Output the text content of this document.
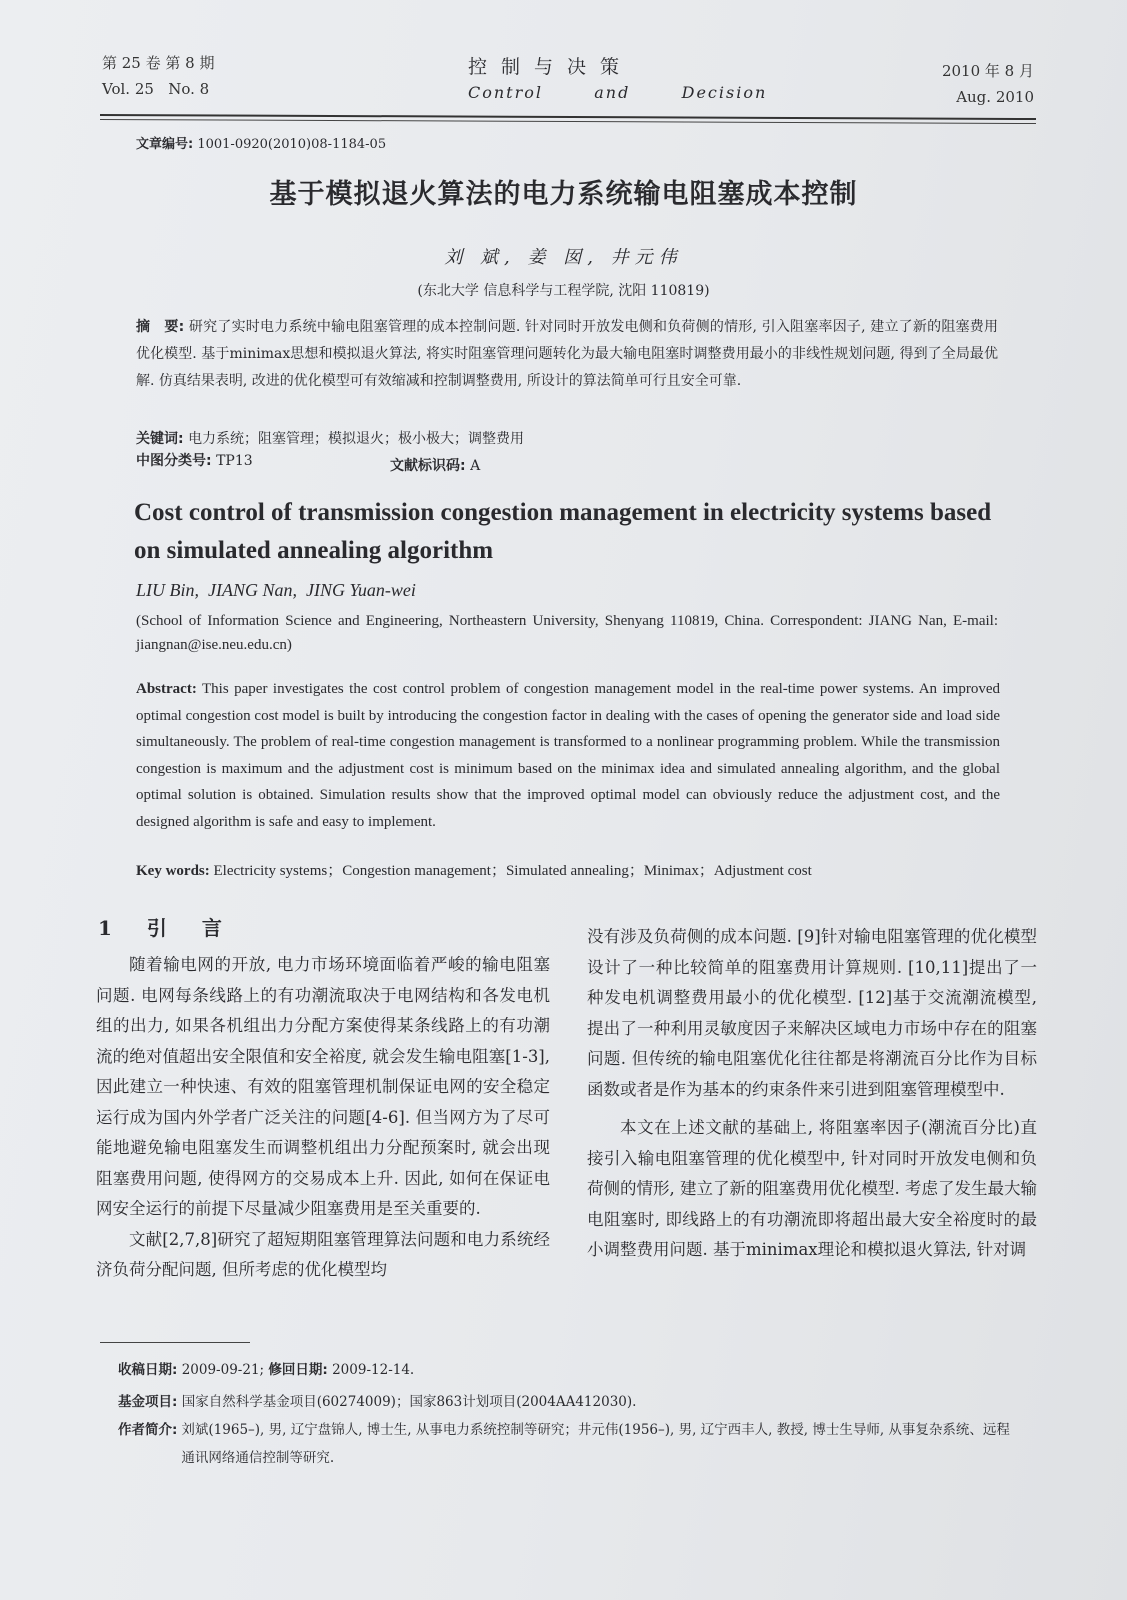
第 25 卷 第 8 期
Vol. 25   No. 8
控制与决策
Control   and   Decision
2010 年 8 月
Aug. 2010
文章编号: 1001-0920(2010)08-1184-05
基于模拟退火算法的电力系统输电阻塞成本控制
刘 斌, 姜 囡, 井元伟
(东北大学 信息科学与工程学院, 沈阳 110819)
摘　要: 研究了实时电力系统中输电阻塞管理的成本控制问题. 针对同时开放发电侧和负荷侧的情形, 引入阻塞率因子, 建立了新的阻塞费用优化模型. 基于minimax思想和模拟退火算法, 将实时阻塞管理问题转化为最大输电阻塞时调整费用最小的非线性规划问题, 得到了全局最优解. 仿真结果表明, 改进的优化模型可有效缩减和控制调整费用, 所设计的算法简单可行且安全可靠.
关键词: 电力系统；阻塞管理；模拟退火；极小极大；调整费用
中图分类号: TP13	文献标识码: A
Cost control of transmission congestion management in electricity systems based on simulated annealing algorithm
LIU Bin,  JIANG Nan,  JING Yuan-wei
(School of Information Science and Engineering, Northeastern University, Shenyang 110819, China. Correspondent: JIANG Nan, E-mail: jiangnan@ise.neu.edu.cn)
Abstract: This paper investigates the cost control problem of congestion management model in the real-time power systems. An improved optimal congestion cost model is built by introducing the congestion factor in dealing with the cases of opening the generator side and load side simultaneously. The problem of real-time congestion management is transformed to a nonlinear programming problem. While the transmission congestion is maximum and the adjustment cost is minimum based on the minimax idea and simulated annealing algorithm, and the global optimal solution is obtained. Simulation results show that the improved optimal model can obviously reduce the adjustment cost, and the designed algorithm is safe and easy to implement.
Key words: Electricity systems；Congestion management；Simulated annealing；Minimax；Adjustment cost
1 引 言

随着输电网的开放, 电力市场环境面临着严峻的输电阻塞问题. 电网每条线路上的有功潮流取决于电网结构和各发电机组的出力, 如果各机组出力分配方案使得某条线路上的有功潮流的绝对值超出安全限值和安全裕度, 就会发生输电阻塞[1-3], 因此建立一种快速、有效的阻塞管理机制保证电网的安全稳定运行成为国内外学者广泛关注的问题[4-6]. 但当网方为了尽可能地避免输电阻塞发生而调整机组出力分配预案时, 就会出现阻塞费用问题, 使得网方的交易成本上升. 因此, 如何在保证电网安全运行的前提下尽量减少阻塞费用是至关重要的.

文献[2,7,8]研究了超短期阻塞管理算法问题和电力系统经济负荷分配问题, 但所考虑的优化模型均

没有涉及负荷侧的成本问题. [9]针对输电阻塞管理的优化模型设计了一种比较简单的阻塞费用计算规则. [10,11]提出了一种发电机调整费用最小的优化模型. [12]基于交流潮流模型, 提出了一种利用灵敏度因子来解决区域电力市场中存在的阻塞问题. 但传统的输电阻塞优化往往都是将潮流百分比作为目标函数或者是作为基本的约束条件来引进到阻塞管理模型中.

本文在上述文献的基础上, 将阻塞率因子(潮流百分比)直接引入输电阻塞管理的优化模型中, 针对同时开放发电侧和负荷侧的情形, 建立了新的阻塞费用优化模型. 考虑了发生最大输电阻塞时, 即线路上的有功潮流即将超出最大安全裕度时的最小调整费用问题. 基于minimax理论和模拟退火算法, 针对调

收稿日期: 2009-09-21; 修回日期: 2009-12-14.
基金项目: 国家自然科学基金项目(60274009)；国家863计划项目(2004AA412030).
作者简介: 刘斌(1965–), 男, 辽宁盘锦人, 博士生, 从事电力系统控制等研究；井元伟(1956–), 男, 辽宁西丰人, 教授, 博士生导师, 从事复杂系统、远程通讯网络通信控制等研究.
